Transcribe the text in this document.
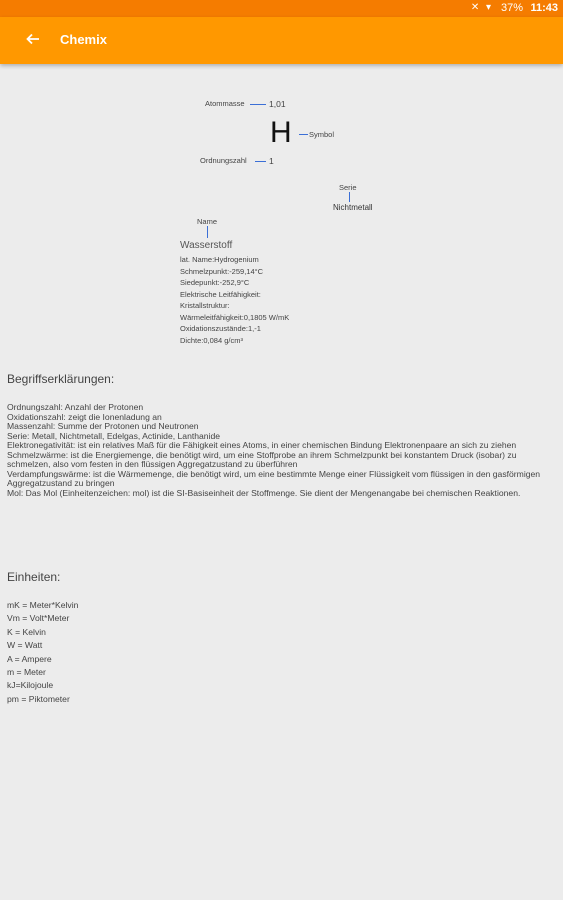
✕ ▾ 37% 11:43
Chemix
Atommasse	1,01
H Symbol
Ordnungszahl	1
Serie
Nichtmetall
Name
Wasserstoff
lat. Name:Hydrogenium
Schmelzpunkt:-259,14°C
Siedepunkt:-252,9°C
Elektrische Leitfähigkeit:
Kristallstruktur:
Wärmeleitfähigkeit:0,1805 W/mK
Oxidationszustände:1,-1
Dichte:0,084 g/cm³
Begriffserklärungen:
Ordnungszahl: Anzahl der Protonen
Oxidationszahl: zeigt die Ionenladung an
Massenzahl: Summe der Protonen und Neutronen
Serie: Metall, Nichtmetall, Edelgas, Actinide, Lanthanide
Elektronegativität: ist ein relatives Maß für die Fähigkeit eines Atoms, in einer chemischen Bindung Elektronenpaare an sich zu ziehen
Schmelzwärme: ist die Energiemenge, die benötigt wird, um eine Stoffprobe an ihrem Schmelzpunkt bei konstantem Druck (isobar) zu schmelzen, also vom festen in den flüssigen Aggregatzustand zu überführen
Verdampfungswärme: ist die Wärmemenge, die benötigt wird, um eine bestimmte Menge einer Flüssigkeit vom flüssigen in den gasförmigen Aggregatzustand zu bringen
Mol: Das Mol (Einheitenzeichen: mol) ist die SI-Basiseinheit der Stoffmenge. Sie dient der Mengenangabe bei chemischen Reaktionen.
Einheiten:
mK = Meter*Kelvin
Vm = Volt*Meter
K = Kelvin
W = Watt
A = Ampere
m = Meter
kJ=Kilojoule
pm = Piktometer
